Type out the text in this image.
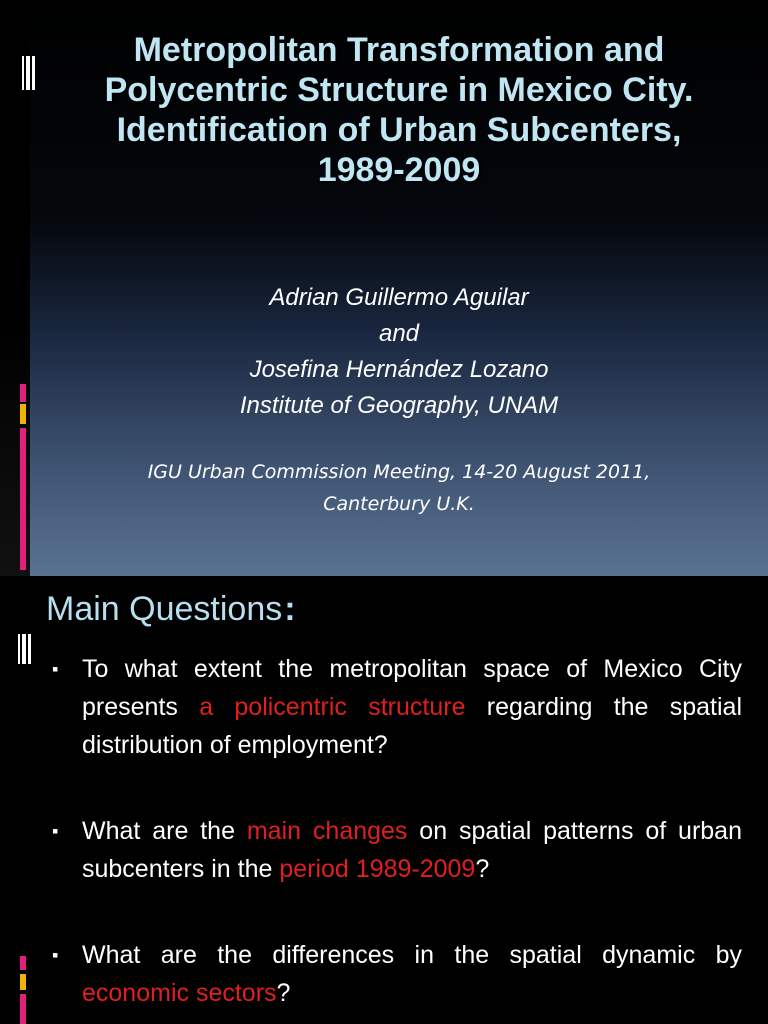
Metropolitan Transformation and
Polycentric Structure in Mexico City.
Identification of Urban Subcenters,
1989-2009
Adrian Guillermo Aguilar
and
Josefina Hernández Lozano
Institute of Geography, UNAM
IGU Urban Commission Meeting, 14-20 August 2011,
Canterbury U.K.
Main Questions:
▪ To what extent the metropolitan space of Mexico City presents a policentric structure regarding the spatial distribution of employment?
▪ What are the main changes on spatial patterns of urban subcenters in the period 1989-2009?
▪ What are the differences in the spatial dynamic by economic sectors?
